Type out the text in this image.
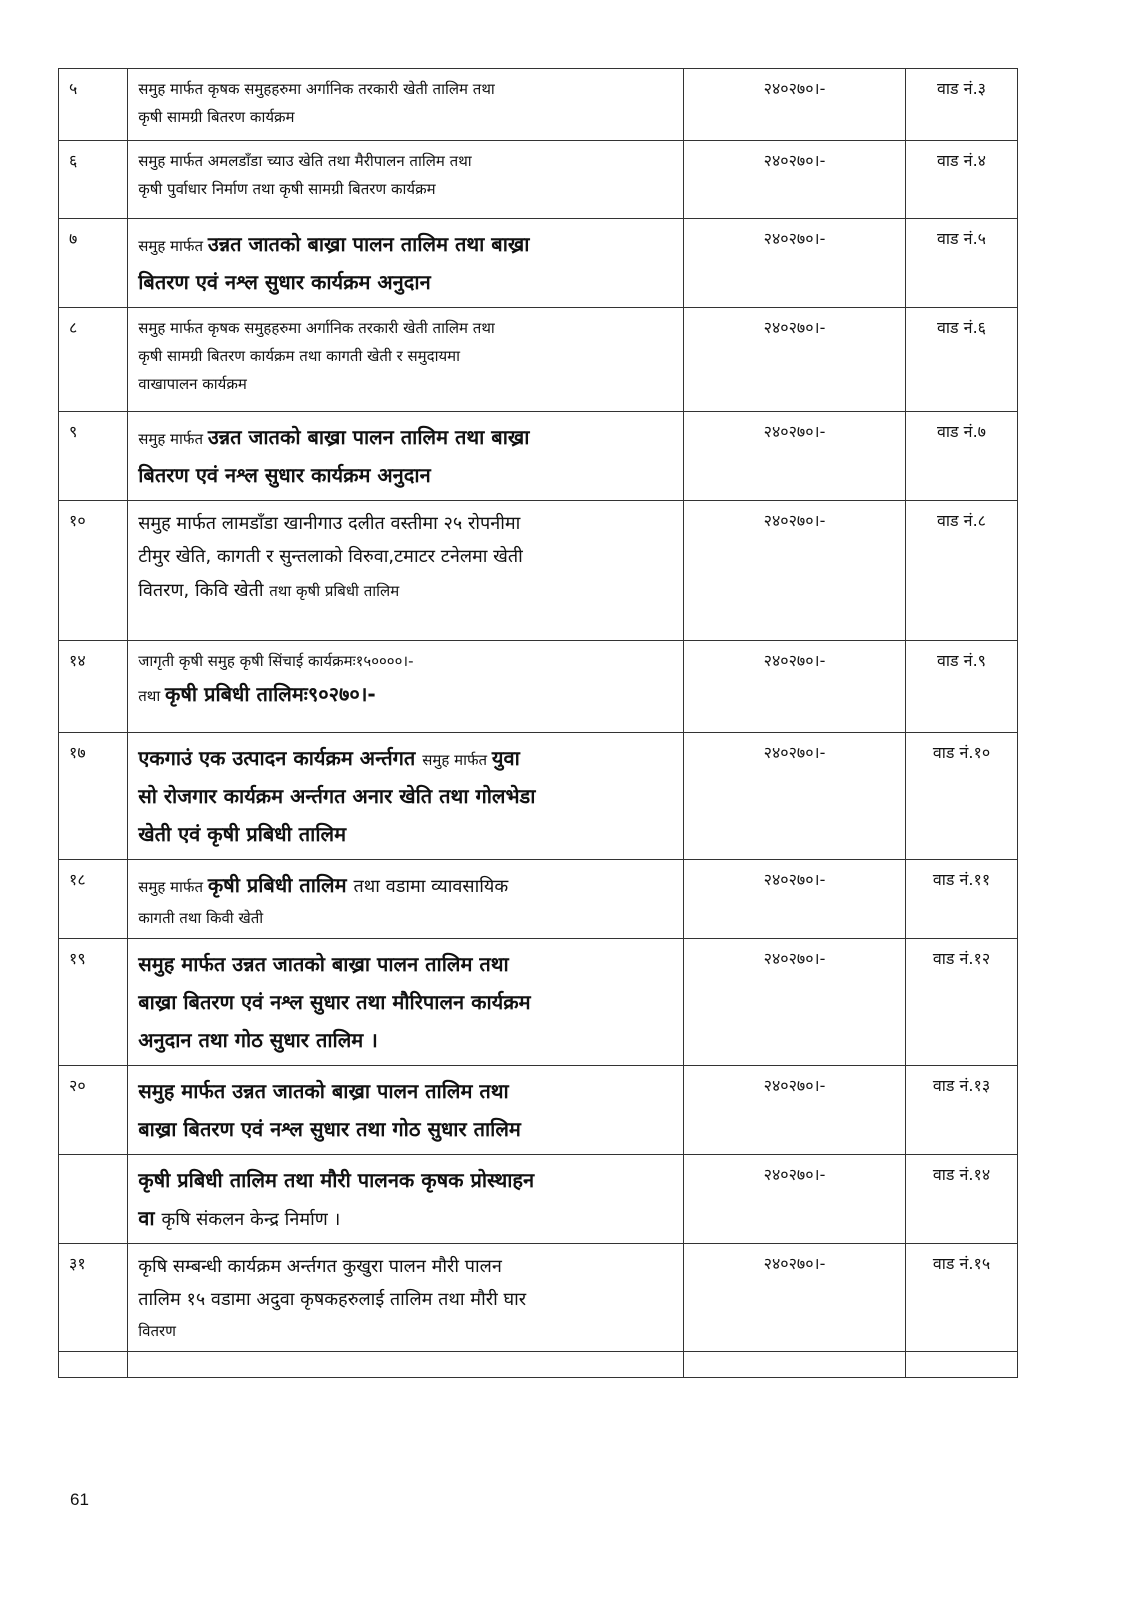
५	समुह मार्फत कृषक समुहहरुमा अर्गानिक तरकारी खेती तालिम तथा
कृषी सामग्री बितरण कार्यक्रम	२४०२७०।-	वाड नं.३
६	समुह मार्फत अमलडाँडा च्याउ खेति तथा मैरीपालन तालिम तथा
कृषी पुर्वाधार निर्माण तथा कृषी सामग्री बितरण कार्यक्रम	२४०२७०।-	वाड नं.४
७	समुह मार्फत उन्नत जातको बाख्रा पालन तालिम तथा बाख्रा
बितरण एवं नश्ल सुधार कार्यक्रम अनुदान	२४०२७०।-	वाड नं.५
८	समुह मार्फत कृषक समुहहरुमा अर्गानिक तरकारी खेती तालिम तथा
कृषी सामग्री बितरण कार्यक्रम तथा कागती खेती र समुदायमा
वाखापालन कार्यक्रम	२४०२७०।-	वाड नं.६
९	समुह मार्फत उन्नत जातको बाख्रा पालन तालिम तथा बाख्रा
बितरण एवं नश्ल सुधार कार्यक्रम अनुदान	२४०२७०।-	वाड नं.७
१०	समुह मार्फत लामडाँडा खानीगाउ दलीत वस्तीमा २५ रोपनीमा
टीमुर खेति, कागती र सुन्तलाको विरुवा,टमाटर टनेलमा खेती
वितरण, किवि खेती तथा कृषी प्रबिधी तालिम	२४०२७०।-	वाड नं.८
१४	जागृती कृषी समुह कृषी सिंचाई कार्यक्रमः१५००००।-
तथा कृषी प्रबिधी तालिमः९०२७०।-	२४०२७०।-	वाड नं.९
१७	एकगाउं एक उत्पादन कार्यक्रम अर्न्तगत समुह मार्फत युवा
सो रोजगार कार्यक्रम अर्न्तगत अनार खेति तथा गोलभेडा
खेती एवं कृषी प्रबिधी तालिम	२४०२७०।-	वाड नं.१०
१८	समुह मार्फत कृषी प्रबिधी तालिम तथा वडामा व्यावसायिक
कागती तथा किवी खेती	२४०२७०।-	वाड नं.११
१९	समुह मार्फत उन्नत जातको बाख्रा पालन तालिम तथा
बाख्रा बितरण एवं नश्ल सुधार तथा मौरिपालन कार्यक्रम
अनुदान तथा गोठ सुधार तालिम ।	२४०२७०।-	वाड नं.१२
२०	समुह मार्फत उन्नत जातको बाख्रा पालन तालिम तथा
बाख्रा बितरण एवं नश्ल सुधार तथा गोठ सुधार तालिम	२४०२७०।-	वाड नं.१३
	कृषी प्रबिधी तालिम तथा मौरी पालनक कृषक प्रोस्थाहन
वा कृषि संकलन केन्द्र निर्माण ।	२४०२७०।-	वाड नं.१४
३१	कृषि सम्बन्धी कार्यक्रम अर्न्तगत कुखुरा पालन मौरी पालन
तालिम १५ वडामा अदुवा कृषकहरुलाई तालिम तथा मौरी घार
वितरण	२४०२७०।-	वाड नं.१५

61
